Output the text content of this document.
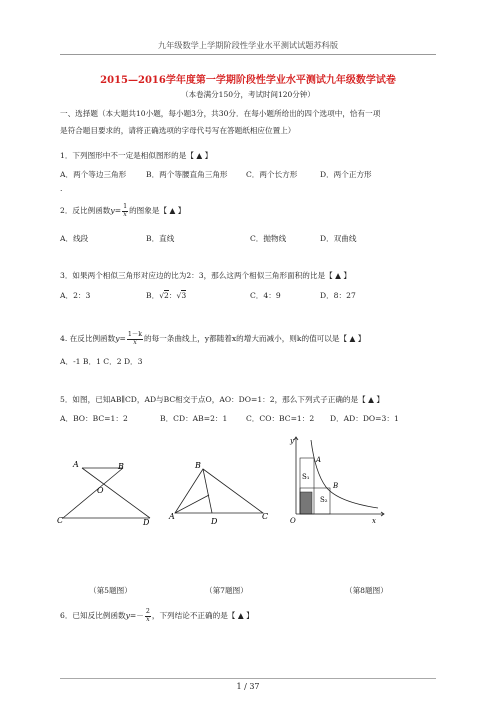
九年级数学上学期阶段性学业水平测试试题苏科版
2015—2016学年度第一学期阶段性学业水平测试九年级数学试卷
（本卷满分150分，考试时间120分钟）
一、选择题（本大题共10小题，每小题3分，共30分．在每小题所给出的四个选项中，恰有一项
是符合题目要求的，请将正确选项的字母代号写在答题纸相应位置上）
1．下列图形中不一定是相似图形的是【 ▲ 】
A．两个等边三角形	B．两个等腰直角三角形 C．两个长方形	D．两个正方形
.
2．反比例函数$y= \frac{1}{x}$ 的图象是【 ▲ 】
A．线段	B．直线	C．抛物线	D．双曲线
3．如果两个相似三角形对应边的比为2：3，那么这两个相似三角形面积的比是【 ▲ 】
A．2：3	B．√2：√3	C．4：9	D．8：27
4. 在反比例函数$y= \frac{1-k}{x}$ 的每一条曲线上，y都随着x的增大而减小，则k的值可以是【 ▲ 】
A．-1 B．1 C．2 D．3
5．如图，已知AB∥CD，AD与BC相交于点O，AO：DO=1：2，那么下列式子正确的是【 ▲ 】
A．BO：BC=1：2	B．CD：AB=2：1 C．CO：BC=1：2 D．AD：DO=3：1
A	B
O
C	D
B
A
D
C
y
A
S₁
B
S₂
O	x
（第5题图）	（第7题图）	（第8题图）
6．已知反比例函数$y=- \frac{2}{x}$ ，下列结论不正确的是【 ▲ 】
1 / 37
